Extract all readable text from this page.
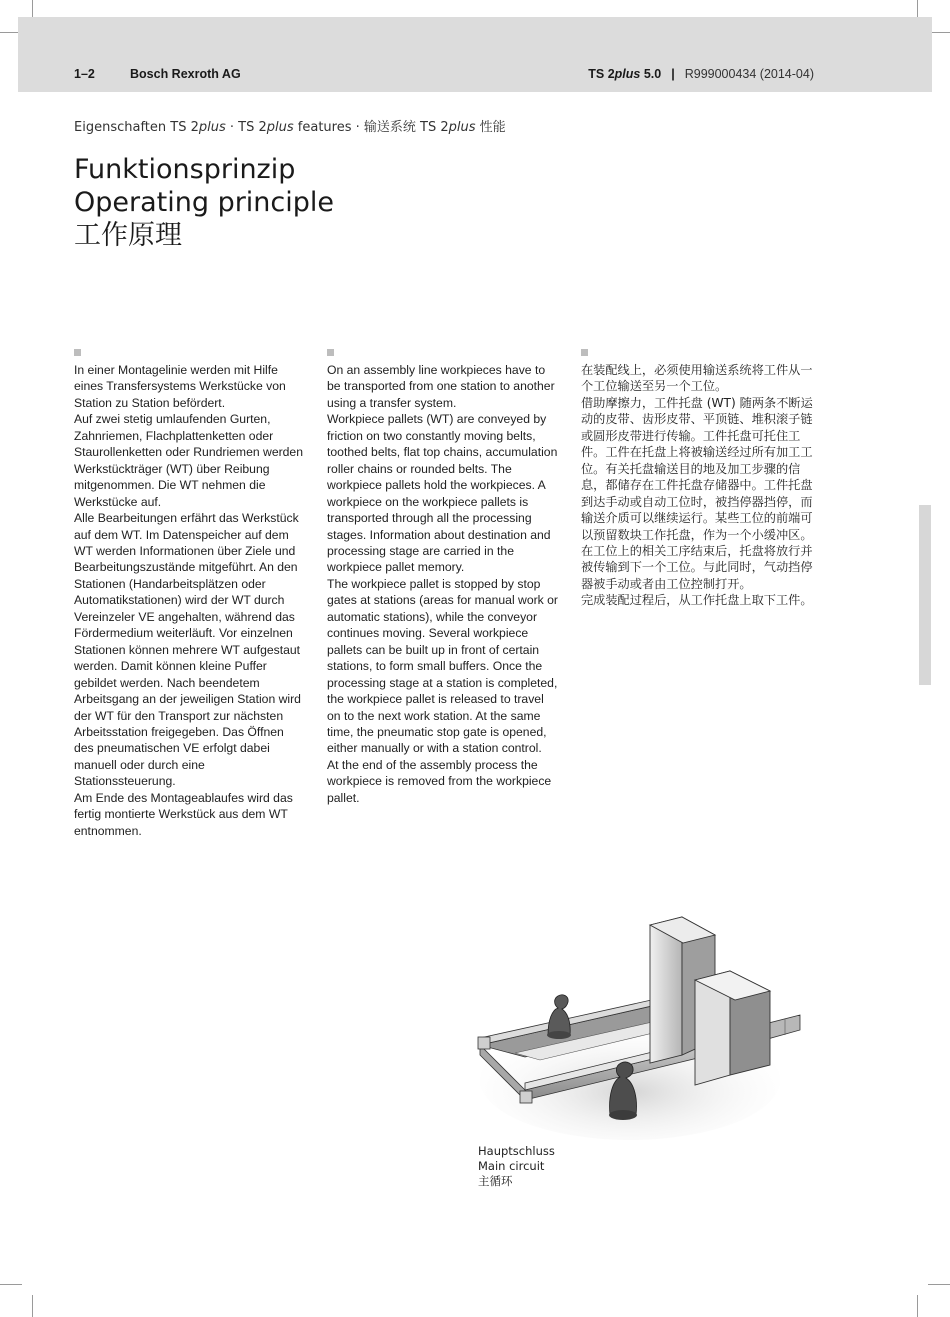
1–2	Bosch Rexroth AG	TS 2plus 5.0 | R999000434 (2014-04)
Eigenschaften TS 2plus · TS 2plus features · 输送系统 TS 2plus 性能
Funktionsprinzip
Operating principle
工作原理

In einer Montagelinie werden mit Hilfe eines Transfersystems Werkstücke von Station zu Station befördert.

Auf zwei stetig umlaufenden Gurten, Zahnriemen, Flachplattenketten oder Staurollenketten oder Rundriemen werden Werkstückträger (WT) über Reibung mitgenommen. Die WT nehmen die Werkstücke auf.

Alle Bearbeitungen erfährt das Werkstück auf dem WT. Im Datenspeicher auf dem WT werden Informationen über Ziele und Bearbeitungszustände mitgeführt. An den Stationen (Handarbeitsplätzen oder Automatikstationen) wird der WT durch Vereinzeler VE angehalten, während das Fördermedium weiterläuft. Vor einzelnen Stationen können mehrere WT aufgestaut werden. Damit können kleine Puffer gebildet werden. Nach beendetem Arbeitsgang an der jeweiligen Station wird der WT für den Transport zur nächsten Arbeitsstation freigegeben. Das Öffnen des pneumatischen VE erfolgt dabei manuell oder durch eine Stationssteuerung.

Am Ende des Montageablaufes wird das fertig montierte Werkstück aus dem WT entnommen.

On an assembly line workpieces have to be transported from one station to another using a transfer system.

Workpiece pallets (WT) are conveyed by friction on two constantly moving belts, toothed belts, flat top chains, accumulation roller chains or rounded belts. The workpiece pallets hold the workpieces. A workpiece on the workpiece pallets is transported through all the processing stages. Information about destination and processing stage are carried in the workpiece pallet memory.

The workpiece pallet is stopped by stop gates at stations (areas for manual work or automatic stations), while the conveyor continues moving. Several workpiece pallets can be built up in front of certain stations, to form small buffers. Once the processing stage at a station is completed, the workpiece pallet is released to travel on to the next work station. At the same time, the pneumatic stop gate is opened, either manually or with a station control.

At the end of the assembly process the workpiece is removed from the workpiece pallet.

在装配线上，必须使用输送系统将工件从一个工位输送至另一个工位。

借助摩擦力，工件托盘 (WT) 随两条不断运动的皮带、齿形皮带、平顶链、堆积滚子链或圆形皮带进行传输。工件托盘可托住工件。工件在托盘上将被输送经过所有加工工位。有关托盘输送目的地及加工步骤的信息，都储存在工件托盘存储器中。工件托盘到达手动或自动工位时，被挡停器挡停，而输送介质可以继续运行。某些工位的前端可以预留数块工作托盘，作为一个小缓冲区。在工位上的相关工序结束后，托盘将放行并被传输到下一个工位。与此同时，气动挡停器被手动或者由工位控制打开。

完成装配过程后，从工作托盘上取下工件。

Hauptschluss
Main circuit
主循环
